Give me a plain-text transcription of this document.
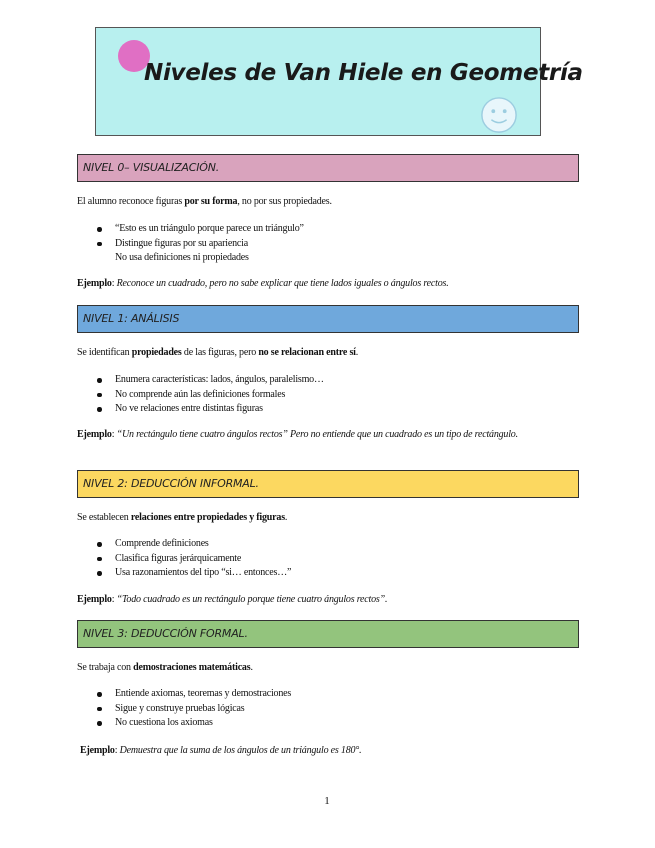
Niveles de Van Hiele en Geometría
NIVEL 0– VISUALIZACIÓN.
El alumno reconoce figuras por su forma, no por sus propiedades.
“Esto es un triángulo porque parece un triángulo”
Distingue figuras por su apariencia
No usa definiciones ni propiedades
Ejemplo: Reconoce un cuadrado, pero no sabe explicar que tiene lados iguales o ángulos rectos.
NIVEL 1: ANÁLISIS
Se identifican propiedades de las figuras, pero no se relacionan entre sí.
Enumera características: lados, ángulos, paralelismo…
No comprende aún las definiciones formales
No ve relaciones entre distintas figuras
Ejemplo: “Un rectángulo tiene cuatro ángulos rectos” Pero no entiende que un cuadrado es un tipo de rectángulo.
NIVEL 2: DEDUCCIÓN INFORMAL.
Se establecen relaciones entre propiedades y figuras.
Comprende definiciones
Clasifica figuras jerárquicamente
Usa razonamientos del tipo “si… entonces…”
Ejemplo: “Todo cuadrado es un rectángulo porque tiene cuatro ángulos rectos”.
NIVEL 3: DEDUCCIÓN FORMAL.
Se trabaja con demostraciones matemáticas.
Entiende axiomas, teoremas y demostraciones
Sigue y construye pruebas lógicas
No cuestiona los axiomas
Ejemplo: Demuestra que la suma de los ángulos de un triángulo es 180°.
1
